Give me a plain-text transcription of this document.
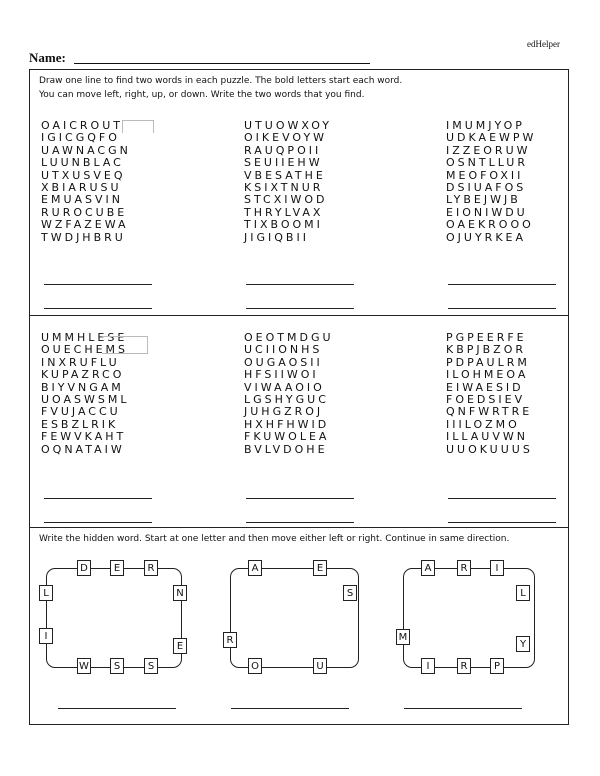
edHelper
Name:
Draw one line to find two words in each puzzle. The bold letters start each word.
You can move left, right, up, or down. Write the two words that you find.
OAICROUT
IGICGQFO
UAWNACGN
LUUNBLAC
UTXUSVEQ
XBIARUSU
EMUASVIN
RUROCUBE
WZFAZEWA
TWDJHBRU
UTUOWXOY
OIKEVOYW
RAUQPOII
SEUIIEHW
VBESATHE
KSIXTNUR
STCXIWOD
THRYLVAX
TIXBOOMI
JIGIQBII
IMUMJYOP
UDKAEWPW
IZZEORUW
OSNTLLUR
MEOFOXII
DSIUAFOS
LYBEJWJB
EIONIWDU
OAEKROOO
OJUYRKEA
UMMHLESE
OUECHEMS
INXRUFLU
KUPAZRCO
BIYVNGAM
UOASWSML
FVUJACCU
ESBZLRIK
FEWVKAHT
OQNATAIW
OEOTMDGU
UCIIONHS
OUGAOSII
HFSIIWOI
VIWAAOIO
LGSHYGUC
JUHGZROJ
HXHFHWID
FKUWOLEA
BVLVDOHE
PGPEERFE
KBPJBZOR
PDPAULRM
ILOHMEOA
EIWAESID
FOEDSIEV
QNFWRTRE
IIILOZMO
ILLAUVWN
UUOKUUUS
Write the hidden word. Start at one letter and then move either left or right. Continue in same direction.
D	E	R
N
E
S
S
W
I
L
A	E
S
U
O
R
A	R	I
L
Y
P
R
I
M
